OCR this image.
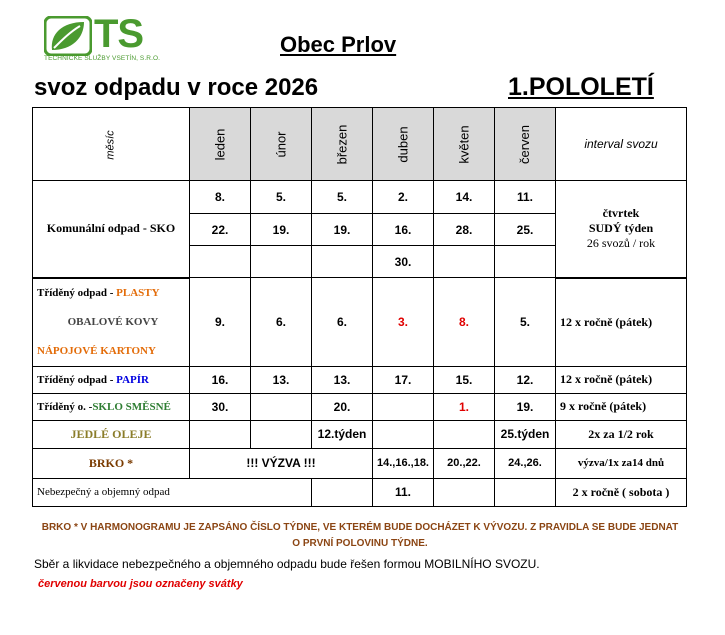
TS
TECHNICKÉ SLUŽBY VSETÍN, S.R.O.
Obec Prlov
svoz odpadu v roce 2026	1.POLOLETÍ
měsíc	leden	únor	březen	duben	květen	červen	interval svozu
Komunální odpad - SKO	8.	5.	5.	2.	14.	11.	čtvrtek
SUDÝ týden
26 svozů / rok

	22.	19.	19.	16.	28.	25.	
				30.			

Tříděný odpad - PLASTY
OBALOVÉ KOVY
NÁPOJOVÉ KARTONY	9.	6.	6.	3.	8.	5.	12 x ročně (pátek)
Tříděný odpad - PAPÍR	16.	13.	13.	17.	15.	12.	12 x ročně (pátek)
Tříděný o. -SKLO SMĚSNÉ	30.		20.		1.	19.	9 x ročně (pátek)
JEDLÉ OLEJE			12.týden			25.týden	2x za 1/2 rok
BRKO *	!!! VÝZVA !!!			14.,16.,18.	20.,22.	24.,26.	výzva/1x za14 dnů
Nebezpečný a objemný odpad				11.			2 x ročně ( sobota )
BRKO * V HARMONOGRAMU JE ZAPSÁNO ČÍSLO TÝDNE, VE KTERÉM BUDE DOCHÁZET K VÝVOZU. Z PRAVIDLA SE BUDE JEDNAT O PRVNÍ POLOVINU TÝDNE.
Sběr a likvidace nebezpečného a objemného odpadu bude řešen formou MOBILNÍHO SVOZU.
červenou barvou jsou označeny svátky
